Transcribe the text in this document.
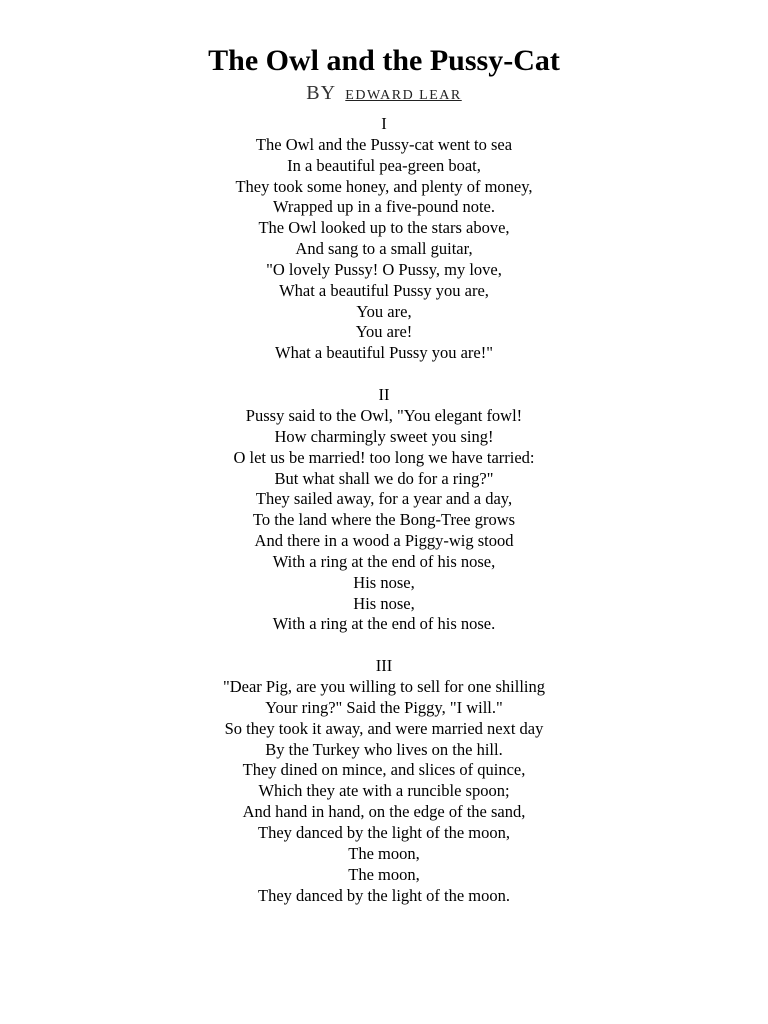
The Owl and the Pussy-Cat
BY EDWARD LEAR
I
The Owl and the Pussy-cat went to sea
In a beautiful pea-green boat,
They took some honey, and plenty of money,
Wrapped up in a five-pound note.
The Owl looked up to the stars above,
And sang to a small guitar,
"O lovely Pussy! O Pussy, my love,
What a beautiful Pussy you are,
You are,
You are!
What a beautiful Pussy you are!"
II
Pussy said to the Owl, "You elegant fowl!
How charmingly sweet you sing!
O let us be married! too long we have tarried:
But what shall we do for a ring?"
They sailed away, for a year and a day,
To the land where the Bong-Tree grows
And there in a wood a Piggy-wig stood
With a ring at the end of his nose,
His nose,
His nose,
With a ring at the end of his nose.
III
"Dear Pig, are you willing to sell for one shilling
Your ring?" Said the Piggy, "I will."
So they took it away, and were married next day
By the Turkey who lives on the hill.
They dined on mince, and slices of quince,
Which they ate with a runcible spoon;
And hand in hand, on the edge of the sand,
They danced by the light of the moon,
The moon,
The moon,
They danced by the light of the moon.
